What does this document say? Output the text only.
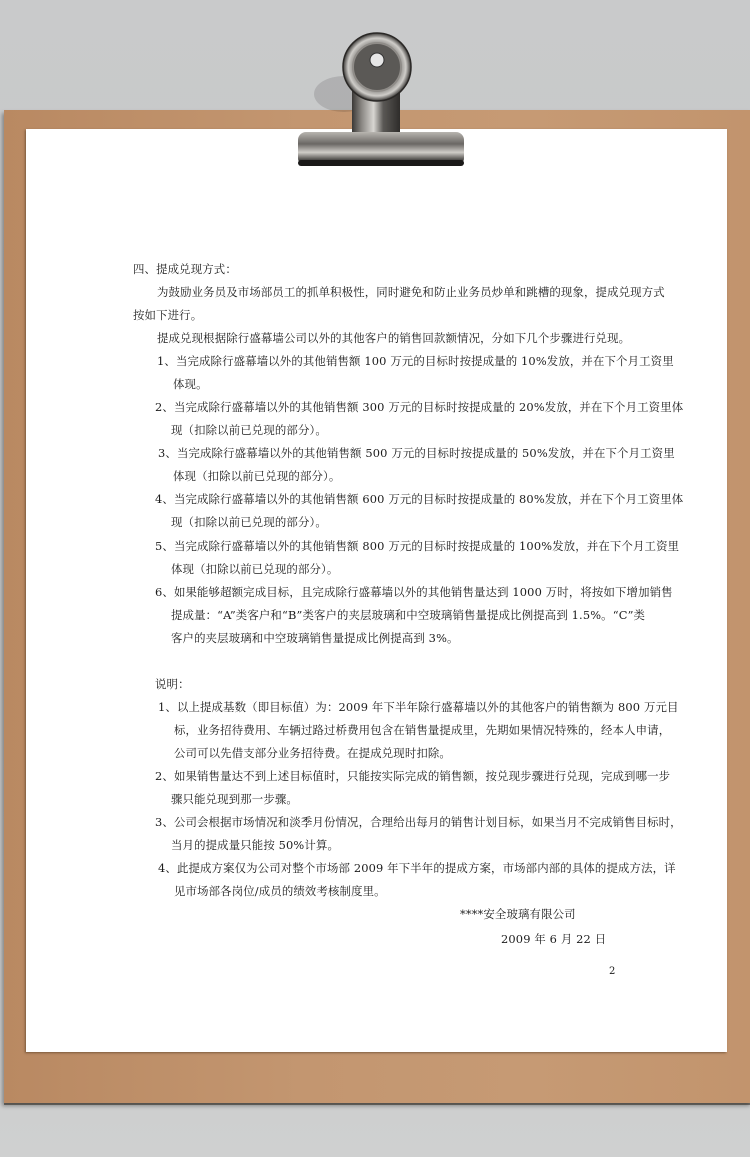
四、提成兑现方式：
为鼓励业务员及市场部员工的抓单积极性，同时避免和防止业务员炒单和跳槽的现象，提成兑现方式
按如下进行。
提成兑现根据除行盛幕墙公司以外的其他客户的销售回款额情况，分如下几个步骤进行兑现。
1、当完成除行盛幕墙以外的其他销售额 100 万元的目标时按提成量的 10%发放，并在下个月工资里
体现。
2、当完成除行盛幕墙以外的其他销售额 300 万元的目标时按提成量的 20%发放，并在下个月工资里体
现（扣除以前已兑现的部分）。
3、当完成除行盛幕墙以外的其他销售额 500 万元的目标时按提成量的 50%发放，并在下个月工资里
体现（扣除以前已兑现的部分）。
4、当完成除行盛幕墙以外的其他销售额 600 万元的目标时按提成量的 80%发放，并在下个月工资里体
现（扣除以前已兑现的部分）。
5、当完成除行盛幕墙以外的其他销售额 800 万元的目标时按提成量的 100%发放，并在下个月工资里
体现（扣除以前已兑现的部分）。
6、如果能够超额完成目标，且完成除行盛幕墙以外的其他销售量达到 1000 万时，将按如下增加销售
提成量：“A”类客户和“B”类客户的夹层玻璃和中空玻璃销售量提成比例提高到 1.5%。“C”类
客户的夹层玻璃和中空玻璃销售量提成比例提高到 3%。
说明：
1、以上提成基数（即目标值）为：2009 年下半年除行盛幕墙以外的其他客户的销售额为 800 万元目
标，业务招待费用、车辆过路过桥费用包含在销售量提成里，先期如果情况特殊的，经本人申请，
公司可以先借支部分业务招待费。在提成兑现时扣除。
2、如果销售量达不到上述目标值时，只能按实际完成的销售额，按兑现步骤进行兑现，完成到哪一步
骤只能兑现到那一步骤。
3、公司会根据市场情况和淡季月份情况，合理给出每月的销售计划目标，如果当月不完成销售目标时，
当月的提成量只能按 50%计算。
4、此提成方案仅为公司对整个市场部 2009 年下半年的提成方案，市场部内部的具体的提成方法，详
见市场部各岗位/成员的绩效考核制度里。
****安全玻璃有限公司
2009 年 6 月 22 日
2
